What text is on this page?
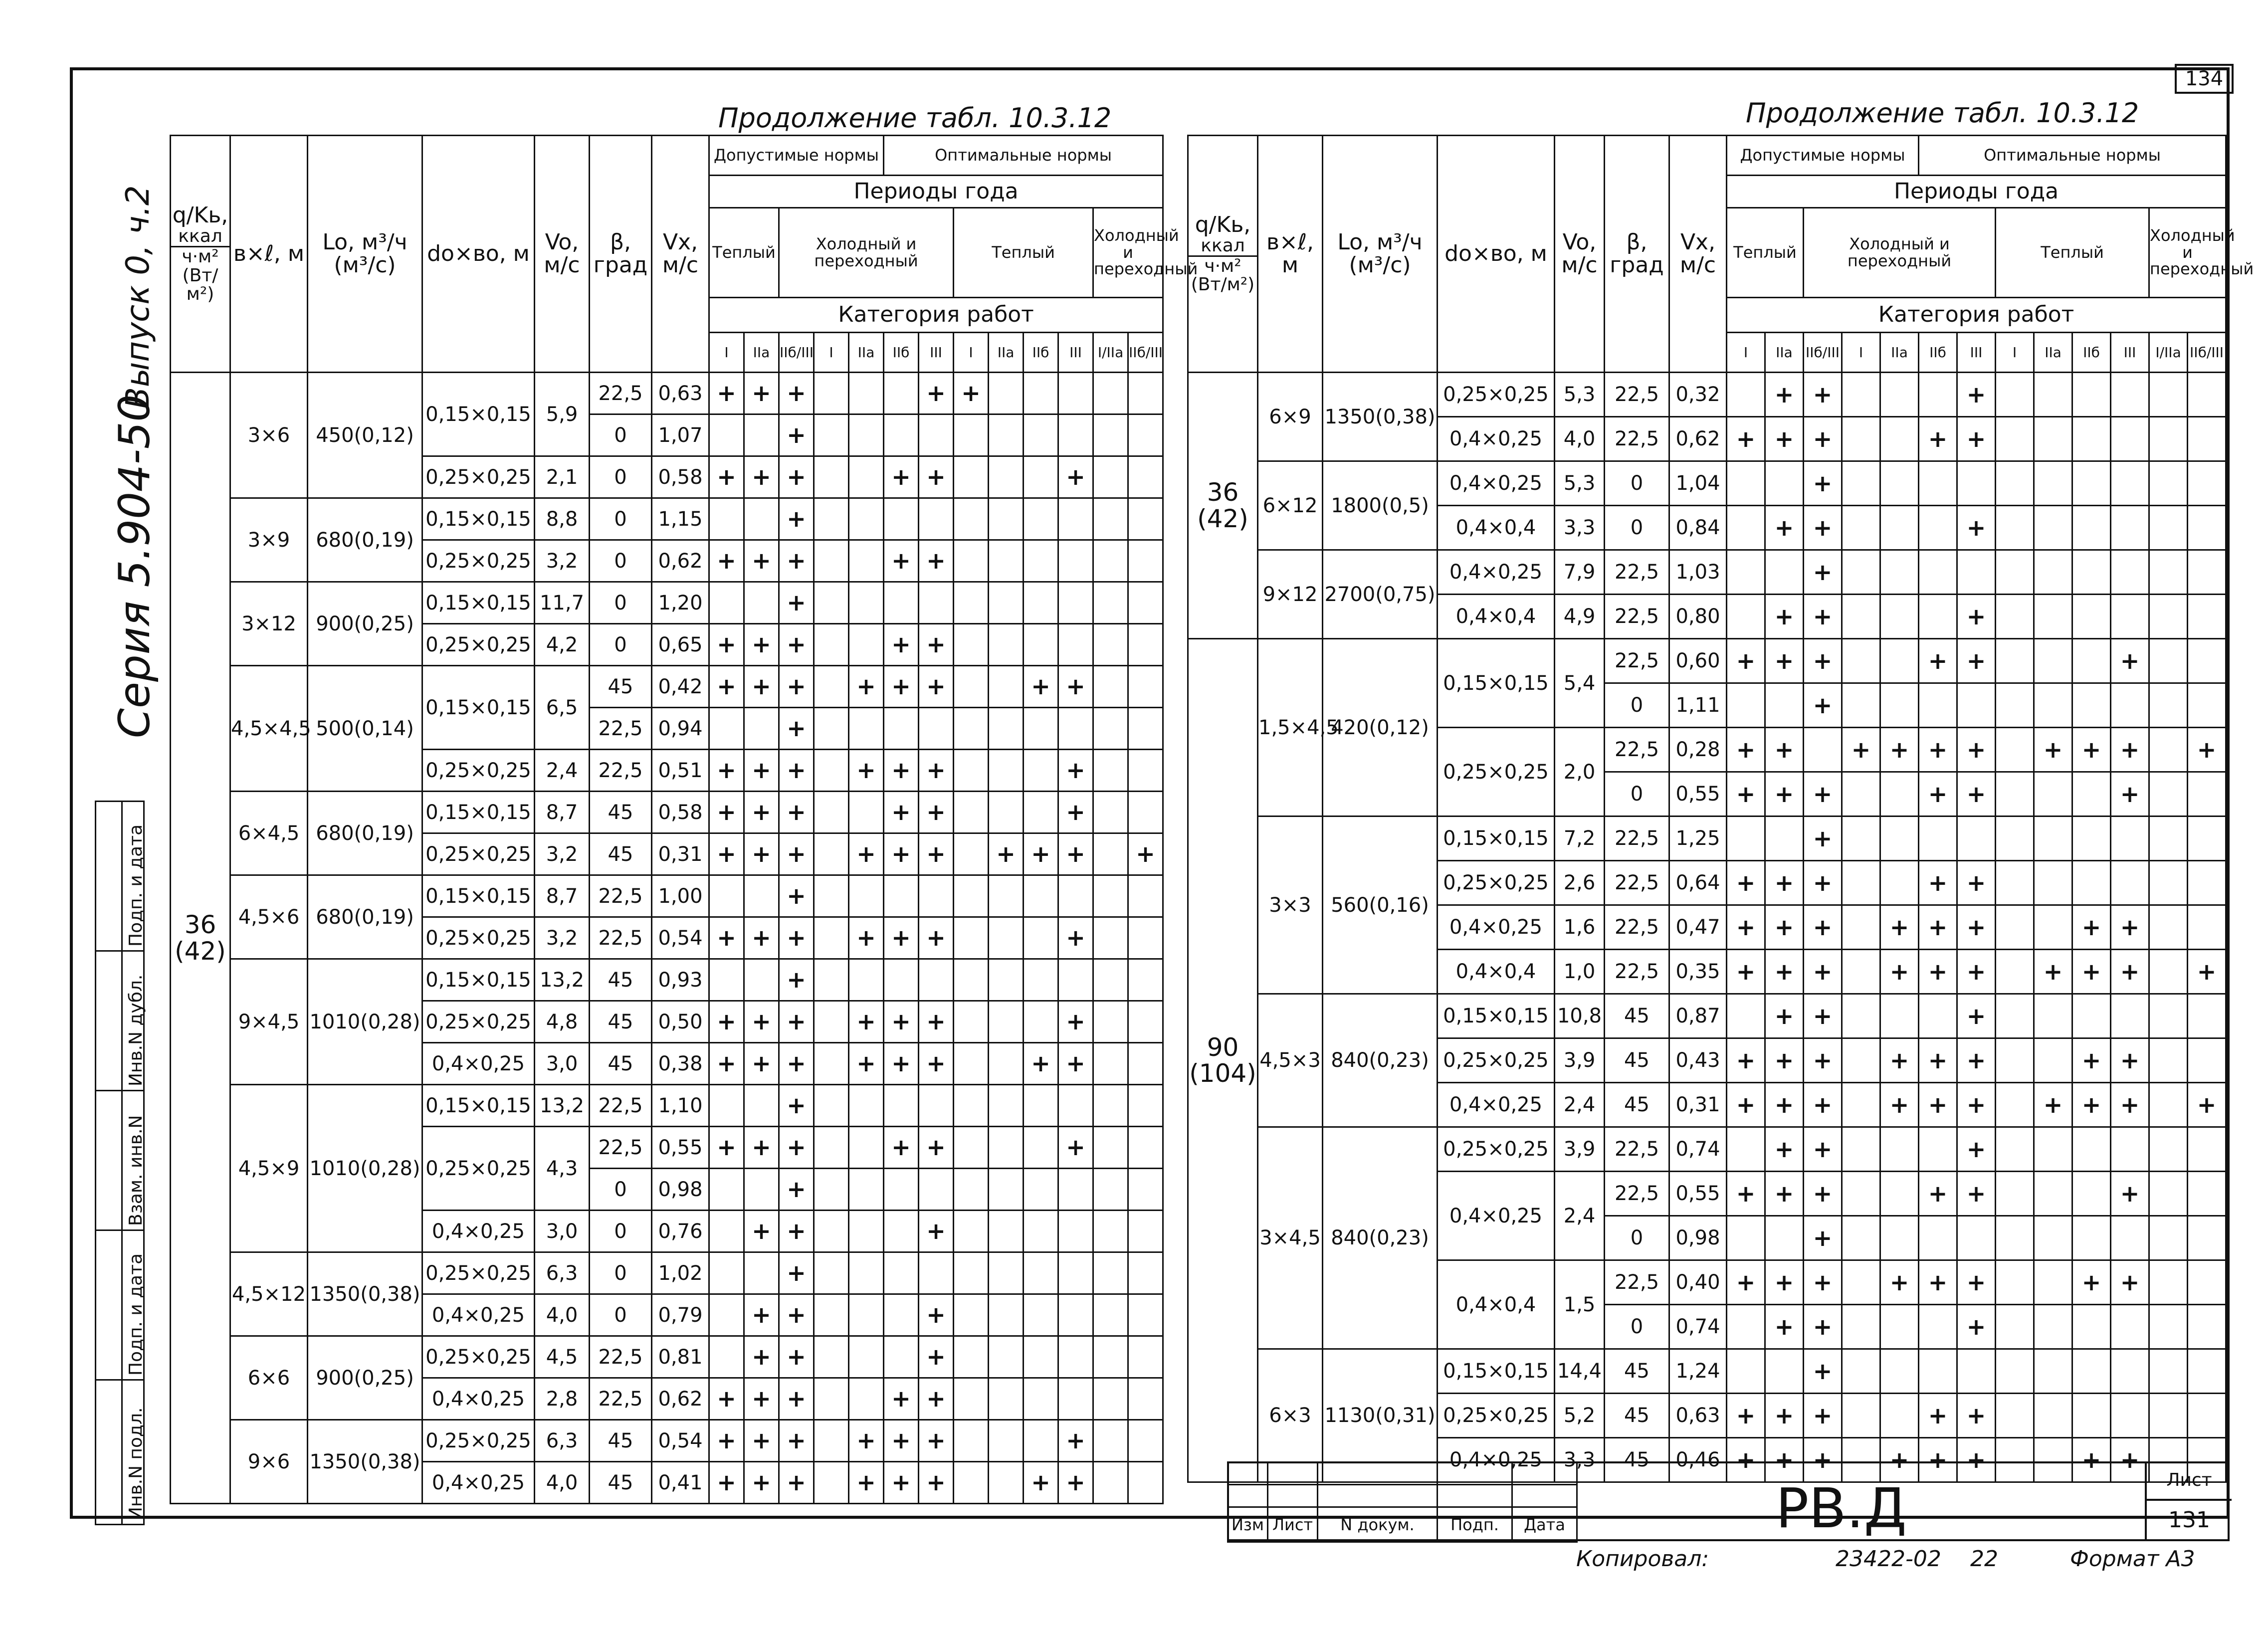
134
Серия 5.904-50
Выпуск 0, ч.2

	Подп. и дата

	Инв.N дубл.

	Взам. инв.N

	Подп. и дата

	Инв.N подл.
Продолжение табл. 10.3.12	Продолжение табл. 10.3.12
q/Kь,
ккал
ч·м²
(Вт/м²)	в×ℓ, м	Lo, м³/ч (м³/с)	do×вo, м	Vo, м/с	β, град	Vx, м/с	Допустимые нормы					Оптимальные нормы							
							Периоды года												
							Теплый		Холодный и переходный					Теплый				Холодный и переходный	
							Категория работ												
							I	IIа	IIб/III	I	IIа	IIб	III	I	IIа	IIб	III	I/IIа	IIб/III
36 (42)	3×6	450(0,12)	0,15×0,15	5,9	22,5	0,63	+	+	+				+	+					
					0	1,07			+										
			0,25×0,25	2,1	0	0,58	+	+	+			+	+				+		
	3×9	680(0,19)	0,15×0,15	8,8	0	1,15			+										
			0,25×0,25	3,2	0	0,62	+	+	+			+	+						
	3×12	900(0,25)	0,15×0,15	11,7	0	1,20			+										
			0,25×0,25	4,2	0	0,65	+	+	+			+	+						
	4,5×4,5	500(0,14)	0,15×0,15	6,5	45	0,42	+	+	+		+	+	+			+	+		
					22,5	0,94			+										
			0,25×0,25	2,4	22,5	0,51	+	+	+		+	+	+				+		
	6×4,5	680(0,19)	0,15×0,15	8,7	45	0,58	+	+	+			+	+				+		
			0,25×0,25	3,2	45	0,31	+	+	+		+	+	+		+	+	+		+
	4,5×6	680(0,19)	0,15×0,15	8,7	22,5	1,00			+										
			0,25×0,25	3,2	22,5	0,54	+	+	+		+	+	+				+		
	9×4,5	1010(0,28)	0,15×0,15	13,2	45	0,93			+										
			0,25×0,25	4,8	45	0,50	+	+	+		+	+	+				+		
			0,4×0,25	3,0	45	0,38	+	+	+		+	+	+			+	+		
	4,5×9	1010(0,28)	0,15×0,15	13,2	22,5	1,10			+										
			0,25×0,25	4,3	22,5	0,55	+	+	+			+	+				+		
					0	0,98			+										
			0,4×0,25	3,0	0	0,76		+	+				+						
	4,5×12	1350(0,38)	0,25×0,25	6,3	0	1,02			+										
			0,4×0,25	4,0	0	0,79		+	+				+						
	6×6	900(0,25)	0,25×0,25	4,5	22,5	0,81		+	+				+						
			0,4×0,25	2,8	22,5	0,62	+	+	+			+	+						
	9×6	1350(0,38)	0,25×0,25	6,3	45	0,54	+	+	+		+	+	+				+		
			0,4×0,25	4,0	45	0,41	+	+	+		+	+	+			+	+		
q/Kь,
ккал
ч·м²
(Вт/м²)	в×ℓ, м	Lo, м³/ч (м³/с)	do×вo, м	Vo, м/с	β, град	Vx, м/с	Допустимые нормы					Оптимальные нормы							
							Периоды года												
							Теплый		Холодный и переходный					Теплый				Холодный и переходный	
							Категория работ												
							I	IIа	IIб/III	I	IIа	IIб	III	I	IIа	IIб	III	I/IIа	IIб/III
36 (42)	6×9	1350(0,38)	0,25×0,25	5,3	22,5	0,32		+	+				+						
			0,4×0,25	4,0	22,5	0,62	+	+	+			+	+						
	6×12	1800(0,5)	0,4×0,25	5,3	0	1,04			+										
			0,4×0,4	3,3	0	0,84		+	+				+						
	9×12	2700(0,75)	0,4×0,25	7,9	22,5	1,03			+										
			0,4×0,4	4,9	22,5	0,80		+	+				+						
90 (104)	1,5×4,5	420(0,12)	0,15×0,15	5,4	22,5	0,60	+	+	+			+	+				+		
					0	1,11			+										
			0,25×0,25	2,0	22,5	0,28	+	+		+	+	+	+		+	+	+		+
					0	0,55	+	+	+			+	+				+		
	3×3	560(0,16)	0,15×0,15	7,2	22,5	1,25			+										
			0,25×0,25	2,6	22,5	0,64	+	+	+			+	+						
			0,4×0,25	1,6	22,5	0,47	+	+	+		+	+	+			+	+		
			0,4×0,4	1,0	22,5	0,35	+	+	+		+	+	+		+	+	+		+
	4,5×3	840(0,23)	0,15×0,15	10,8	45	0,87		+	+				+						
			0,25×0,25	3,9	45	0,43	+	+	+		+	+	+			+	+		
			0,4×0,25	2,4	45	0,31	+	+	+		+	+	+		+	+	+		+
	3×4,5	840(0,23)	0,25×0,25	3,9	22,5	0,74		+	+				+						
			0,4×0,25	2,4	22,5	0,55	+	+	+			+	+				+		
					0	0,98			+										
			0,4×0,4	1,5	22,5	0,40	+	+	+		+	+	+			+	+		
					0	0,74		+	+				+						
	6×3	1130(0,31)	0,15×0,15	14,4	45	1,24			+										
			0,25×0,25	5,2	45	0,63	+	+	+			+	+						
			0,4×0,25	3,3	45	0,46	+	+	+		+	+	+			+	+		

Изм	Лист	N докум.	Подп.	Дата	РВ.Д	Лист
131
Копировал:	23422-02 22	Формат А3
